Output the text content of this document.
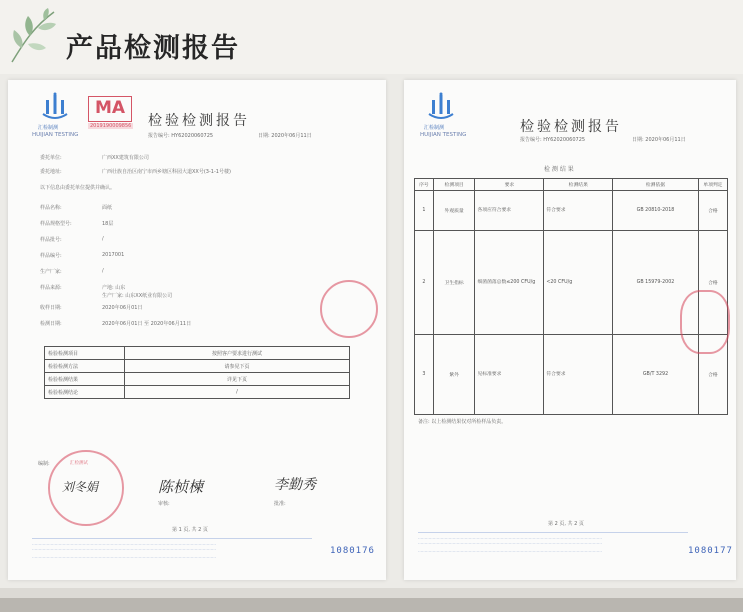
产品检测报告
汇检制测
HUIJIAN TESTING
MA
2019190009856 检验检测报告
报告编号: HY62020060725	日期: 2020年06月11日
委托单位:	广西XX建筑有限公司
委托地址:	广西壮族自治区南宁市西乡塘区科园大道XX号(3-1-1号楼)
以下信息由委托单位提供并确认。
样品名称:	面纸
样品规格型号:	18层
样品批号:	/
样品编号:	2017001
生产厂家:	/
样品来源:	产地: 山东
生产厂家: 山东XX纸业有限公司
收样日期:	2020年06月01日
检测日期:	2020年06月01日 至 2020年06月11日
检验检测项目	按照客户要求进行测试
检验检测方法	请参见下页
检验检测结果	详见下页
检验检测结论	/
汇检测试
编制:
刘冬娟
审核:
陈桢楝
批准:
李勤秀
第 1 页, 共 2 页
…………………………………………………………………………………………………………………………
…………………………………………………………………………………………………………………………
…………………………………………………………………………………………………………………………
1080176
汇检制测
HUIJIAN TESTING	检验检测报告
报告编号: HY62020060725	日期: 2020年06月11日
检 测 结 果
序号	检测项目	要求	检测结果	检测依据	单项判定
1	外观质量	各项应符合要求	符合要求	GB 20810-2018	合格
2	卫生指标	细菌菌落总数≤200 CFU/g	<20 CFU/g	GB 15979-2002	合格
3	紫外	见标准要求	符合要求	GB/T 3292	合格
备注: 以上检测结果仅对所检样品负责。
第 2 页, 共 2 页
…………………………………………………………………………………………………………………………
…………………………………………………………………………………………………………………………
…………………………………………………………………………………………………………………………	1080177
